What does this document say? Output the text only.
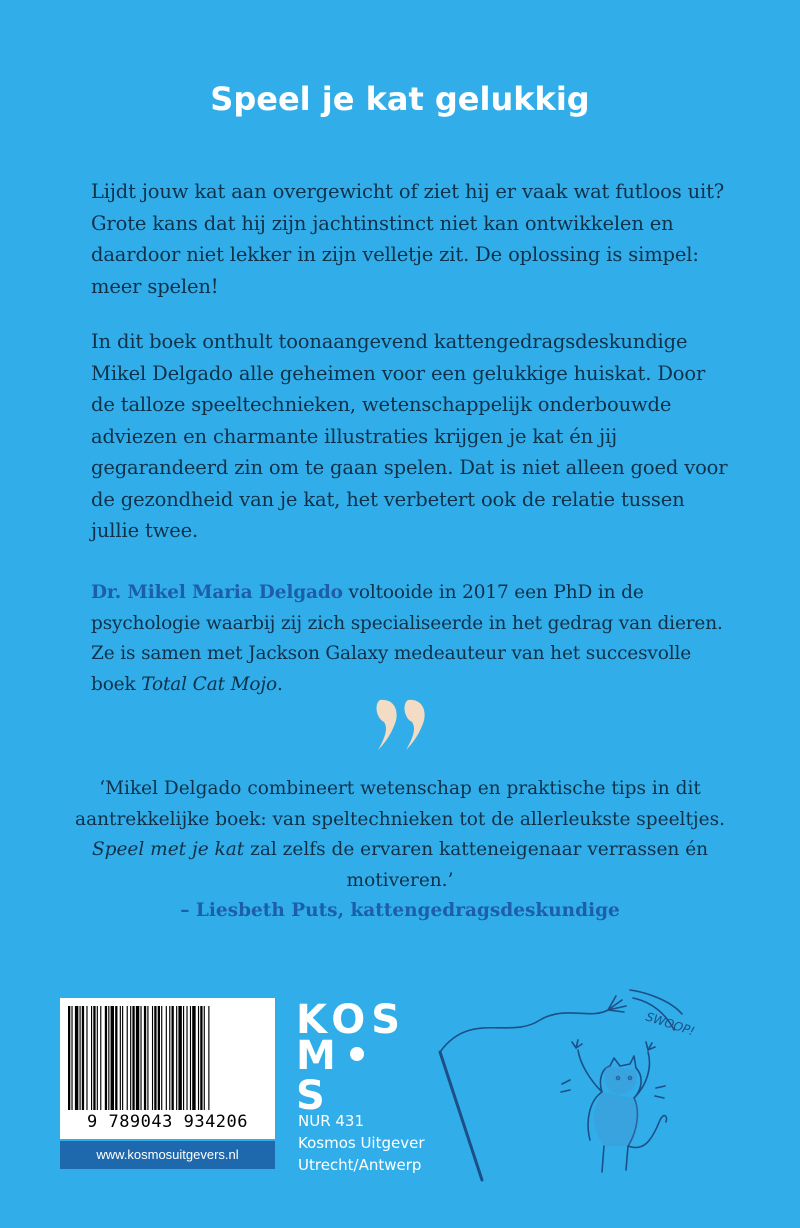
Speel je kat gelukkig

Lijdt jouw kat aan overgewicht of ziet hij er vaak wat futloos uit? Grote kans dat hij zijn jachtinstinct niet kan ontwikkelen en daardoor niet lekker in zijn velletje zit. De oplossing is simpel: meer spelen!

In dit boek onthult toonaangevend kattengedragsdeskundige Mikel Delgado alle geheimen voor een gelukkige huiskat. Door de talloze speeltechnieken, wetenschappelijk onderbouwde adviezen en charmante illustraties krijgen je kat én jij gegarandeerd zin om te gaan spelen. Dat is niet alleen goed voor de gezondheid van je kat, het verbetert ook de relatie tussen jullie twee.

Dr. Mikel Maria Delgado voltooide in 2017 een PhD in de psychologie waarbij zij zich specialiseerde in het gedrag van dieren. Ze is samen met Jackson Galaxy medeauteur van het succesvolle boek Total Cat Mojo.

‘Mikel Delgado combineert wetenschap en praktische tips in dit aantrekkelijke boek: van speltechnieken tot de allerleukste speeltjes. Speel met je kat zal zelfs de ervaren katteneigenaar verrassen én motiveren.’
– Liesbeth Puts, kattengedragsdeskundige

9 789043 934206
www.kosmosuitgevers.nl
KOS
MS
NUR 431
Kosmos Uitgever
Utrecht/Antwerp
SWOOP!
